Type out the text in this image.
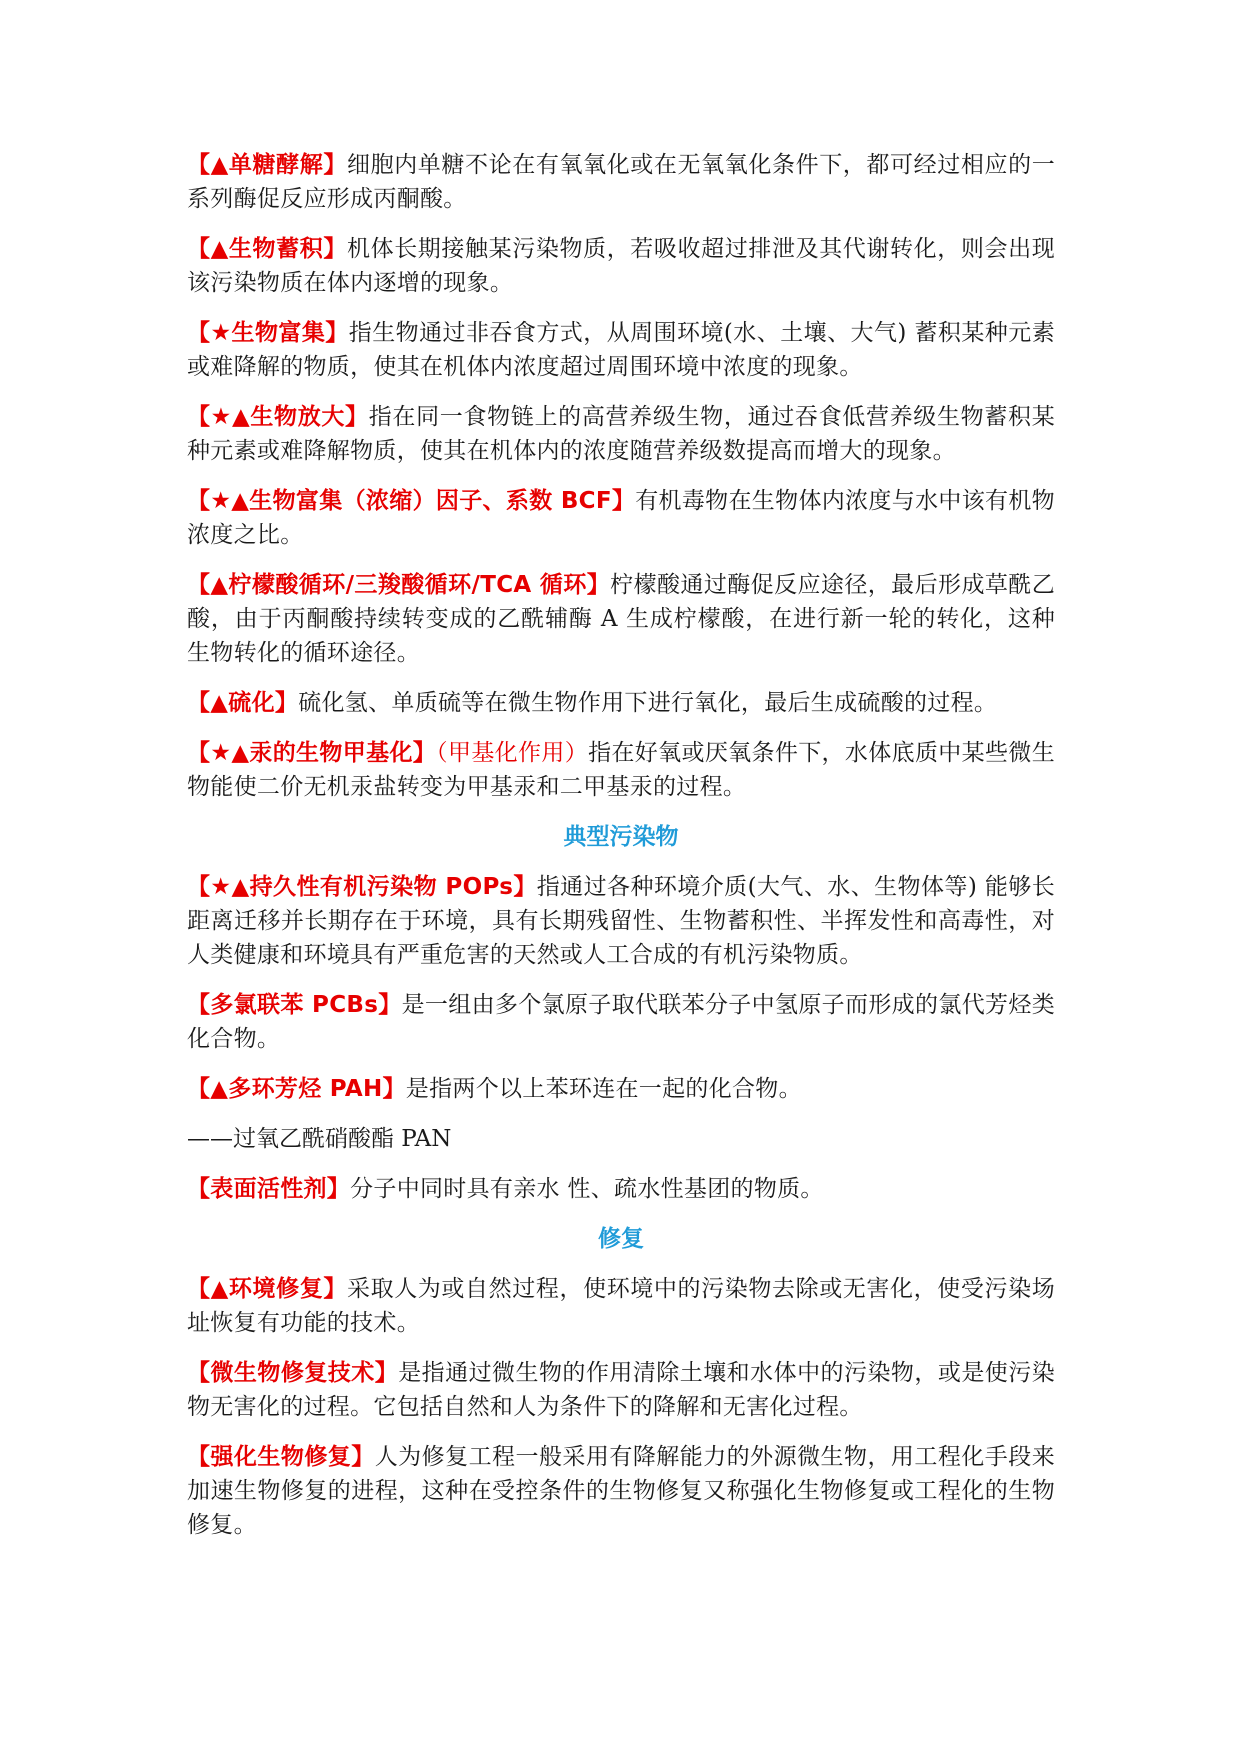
【▲单糖酵解】细胞内单糖不论在有氧氧化或在无氧氧化条件下，都可经过相应的一系列酶促反应形成丙酮酸。

【▲生物蓄积】机体长期接触某污染物质，若吸收超过排泄及其代谢转化，则会出现该污染物质在体内逐增的现象。

【★生物富集】指生物通过非吞食方式，从周围环境(水、土壤、大气) 蓄积某种元素或难降解的物质，使其在机体内浓度超过周围环境中浓度的现象。

【★▲生物放大】指在同一食物链上的高营养级生物，通过吞食低营养级生物蓄积某种元素或难降解物质，使其在机体内的浓度随营养级数提高而增大的现象。

【★▲生物富集（浓缩）因子、系数 BCF】有机毒物在生物体内浓度与水中该有机物浓度之比。

【▲柠檬酸循环/三羧酸循环/TCA 循环】柠檬酸通过酶促反应途径，最后形成草酰乙酸，由于丙酮酸持续转变成的乙酰辅酶 A 生成柠檬酸，在进行新一轮的转化，这种生物转化的循环途径。

【▲硫化】硫化氢、单质硫等在微生物作用下进行氧化，最后生成硫酸的过程。

【★▲汞的生物甲基化】（甲基化作用）指在好氧或厌氧条件下，水体底质中某些微生物能使二价无机汞盐转变为甲基汞和二甲基汞的过程。

典型污染物

【★▲持久性有机污染物 POPs】指通过各种环境介质(大气、水、生物体等) 能够长距离迁移并长期存在于环境，具有长期残留性、生物蓄积性、半挥发性和高毒性，对人类健康和环境具有严重危害的天然或人工合成的有机污染物质。

【多氯联苯 PCBs】是一组由多个氯原子取代联苯分子中氢原子而形成的氯代芳烃类化合物。

【▲多环芳烃 PAH】是指两个以上苯环连在一起的化合物。

——过氧乙酰硝酸酯 PAN

【表面活性剂】分子中同时具有亲水 性、疏水性基团的物质。

修复

【▲环境修复】采取人为或自然过程，使环境中的污染物去除或无害化，使受污染场址恢复有功能的技术。

【微生物修复技术】是指通过微生物的作用清除土壤和水体中的污染物，或是使污染物无害化的过程。它包括自然和人为条件下的降解和无害化过程。

【强化生物修复】人为修复工程一般采用有降解能力的外源微生物，用工程化手段来加速生物修复的进程，这种在受控条件的生物修复又称强化生物修复或工程化的生物修复。
